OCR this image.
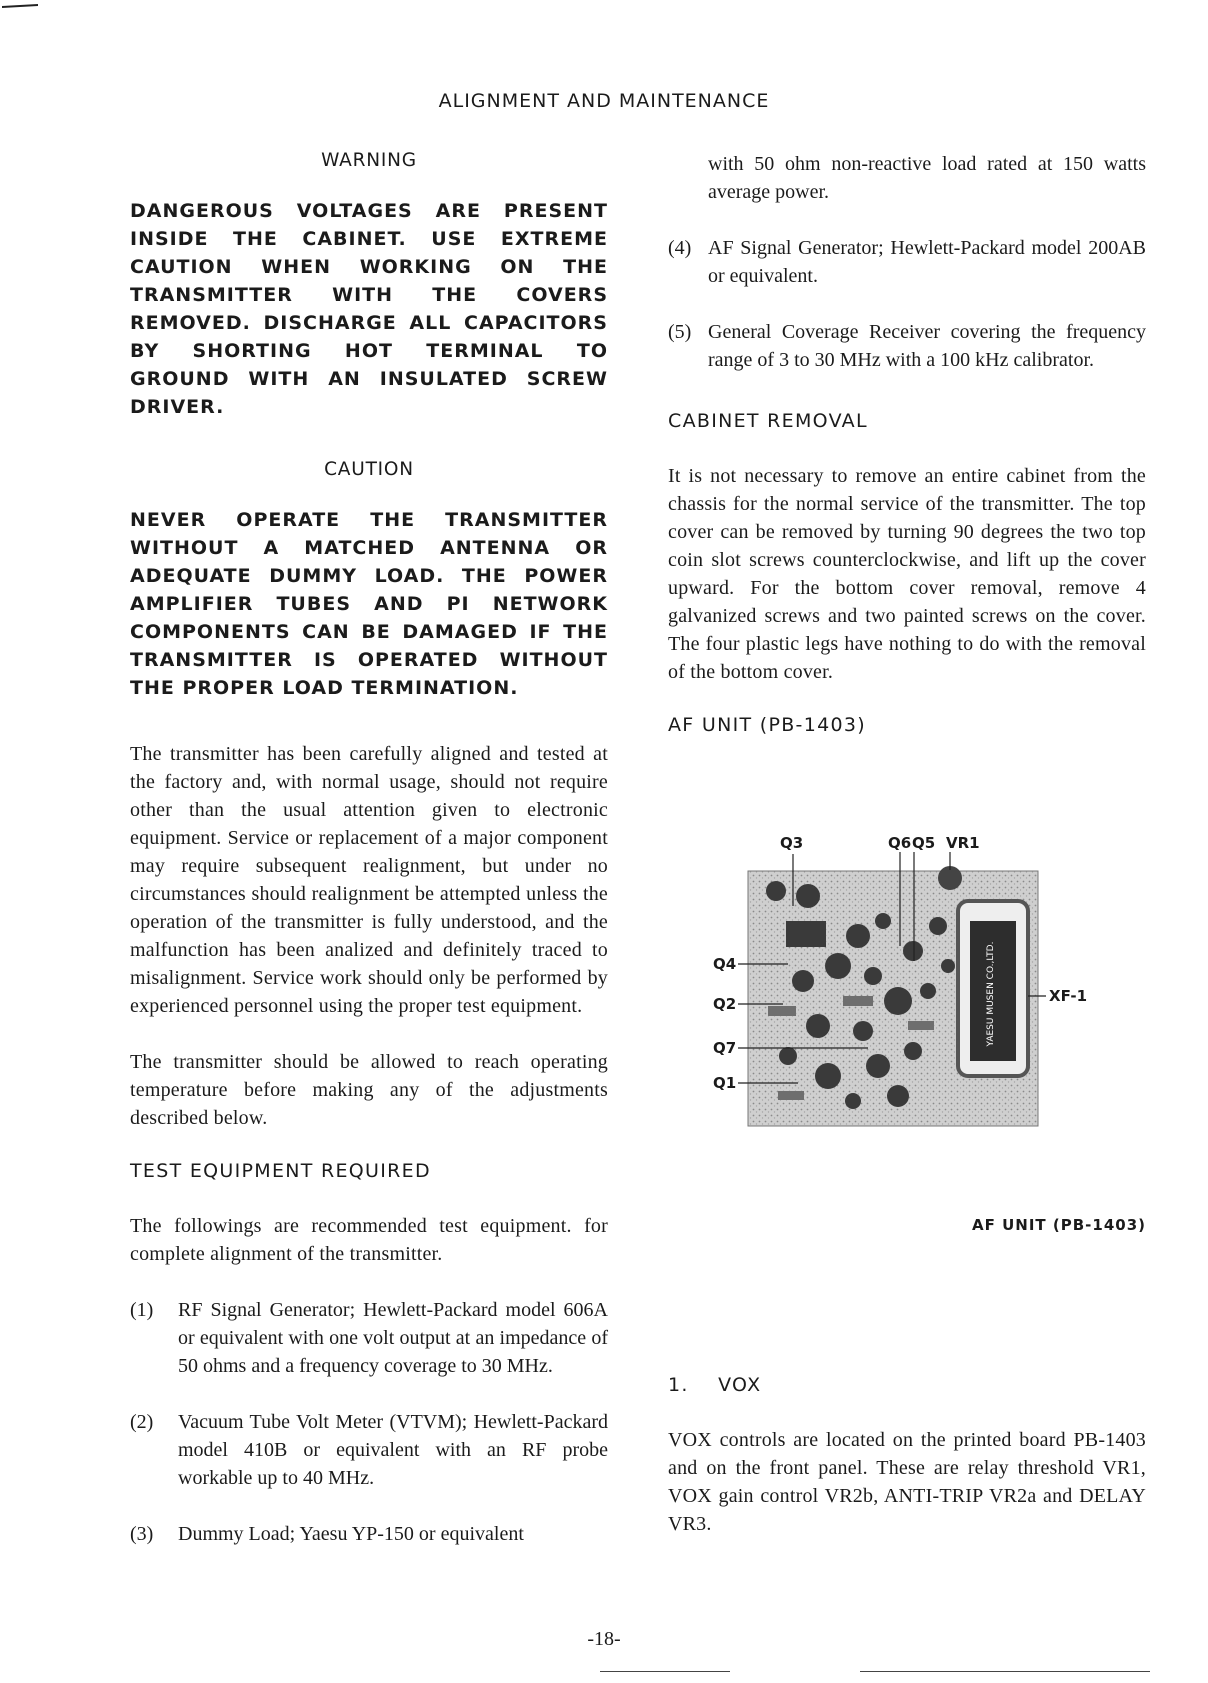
ALIGNMENT AND MAINTENANCE
WARNING
DANGEROUS VOLTAGES ARE PRESENT INSIDE THE CABINET. USE EXTREME CAUTION WHEN WORKING ON THE TRANSMITTER WITH THE COVERS REMOVED. DISCHARGE ALL CAPACITORS BY SHORTING HOT TERMINAL TO GROUND WITH AN INSULATED SCREW DRIVER.
CAUTION
NEVER OPERATE THE TRANSMITTER WITHOUT A MATCHED ANTENNA OR ADEQUATE DUMMY LOAD. THE POWER AMPLIFIER TUBES AND PI NETWORK COMPONENTS CAN BE DAMAGED IF THE TRANSMITTER IS OPERATED WITHOUT THE PROPER LOAD TERMINATION.
The transmitter has been carefully aligned and tested at the factory and, with normal usage, should not require other than the usual attention given to electronic equipment. Service or replacement of a major component may require subsequent realignment, but under no circumstances should realignment be attempted unless the operation of the transmitter is fully understood, and the malfunction has been analized and definitely traced to misalignment. Service work should only be performed by experienced personnel using the proper test equipment.
The transmitter should be allowed to reach operating temperature before making any of the adjustments described below.
TEST EQUIPMENT REQUIRED
The followings are recommended test equipment. for complete alignment of the transmitter.
(1)	RF Signal Generator; Hewlett-Packard model 606A or equivalent with one volt output at an impedance of 50 ohms and a frequency coverage to 30 MHz.
(2)	Vacuum Tube Volt Meter (VTVM); Hewlett-Packard model 410B or equivalent with an RF probe workable up to 40 MHz.
(3)	Dummy Load; Yaesu YP-150 or equivalent
with 50 ohm non-reactive load rated at 150 watts average power.
(4) AF Signal Generator; Hewlett-Packard model 200AB or equivalent.
(5) General Coverage Receiver covering the frequency range of 3 to 30 MHz with a 100 kHz calibrator.
CABINET REMOVAL
It is not necessary to remove an entire cabinet from the chassis for the normal service of the transmitter. The top cover can be removed by turning 90 degrees the two top coin slot screws counterclockwise, and lift up the cover upward. For the bottom cover removal, remove 4 galvanized screws and two painted screws on the cover. The four plastic legs have nothing to do with the removal of the bottom cover.
AF UNIT (PB-1403)
YAESU MUSEN CO.,LTD.
Q3	Q6 Q5 VR1
Q4
Q2
Q7
Q1
XF-1
AF UNIT (PB-1403)
1.    VOX
VOX controls are located on the printed board PB-1403 and on the front panel. These are relay threshold VR1, VOX gain control VR2b, ANTI-TRIP VR2a and DELAY VR3.
-18-
